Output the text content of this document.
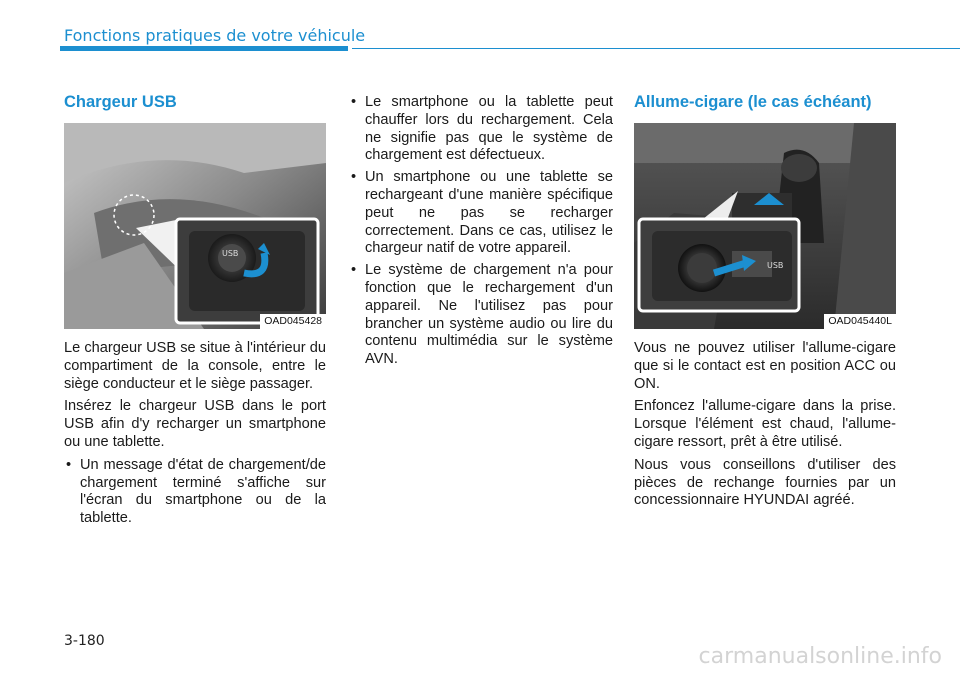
Fonctions pratiques de votre véhicule
Chargeur USB
USB
OAD045428

Le chargeur USB se situe à l'intérieur du compartiment de la console, entre le siège conducteur et le siège passager.

Insérez le chargeur USB dans le port USB afin d'y recharger un smartphone ou une tablette.

• Un message d'état de chargement/de chargement terminé s'affiche sur l'écran du smartphone ou de la tablette.
• Le smartphone ou la tablette peut chauffer lors du rechargement. Cela ne signifie pas que le système de chargement est défectueux.
• Un smartphone ou une tablette se rechargeant d'une manière spécifique peut ne pas se recharger correctement. Dans ce cas, utilisez le chargeur natif de votre appareil.
• Le système de chargement n'a pour fonction que le rechargement d'un appareil. Ne l'utilisez pas pour brancher un système audio ou lire du contenu multimédia sur le système AVN.
Allume-cigare (le cas échéant)
USB
OAD045440L

Vous ne pouvez utiliser l'allume-cigare que si le contact est en position ACC ou ON.

Enfoncez l'allume-cigare dans la prise. Lorsque l'élément est chaud, l'allume-cigare ressort, prêt à être utilisé.

Nous vous conseillons d'utiliser des pièces de rechange fournies par un concessionnaire HYUNDAI agréé.

3-180
carmanualsonline.info
